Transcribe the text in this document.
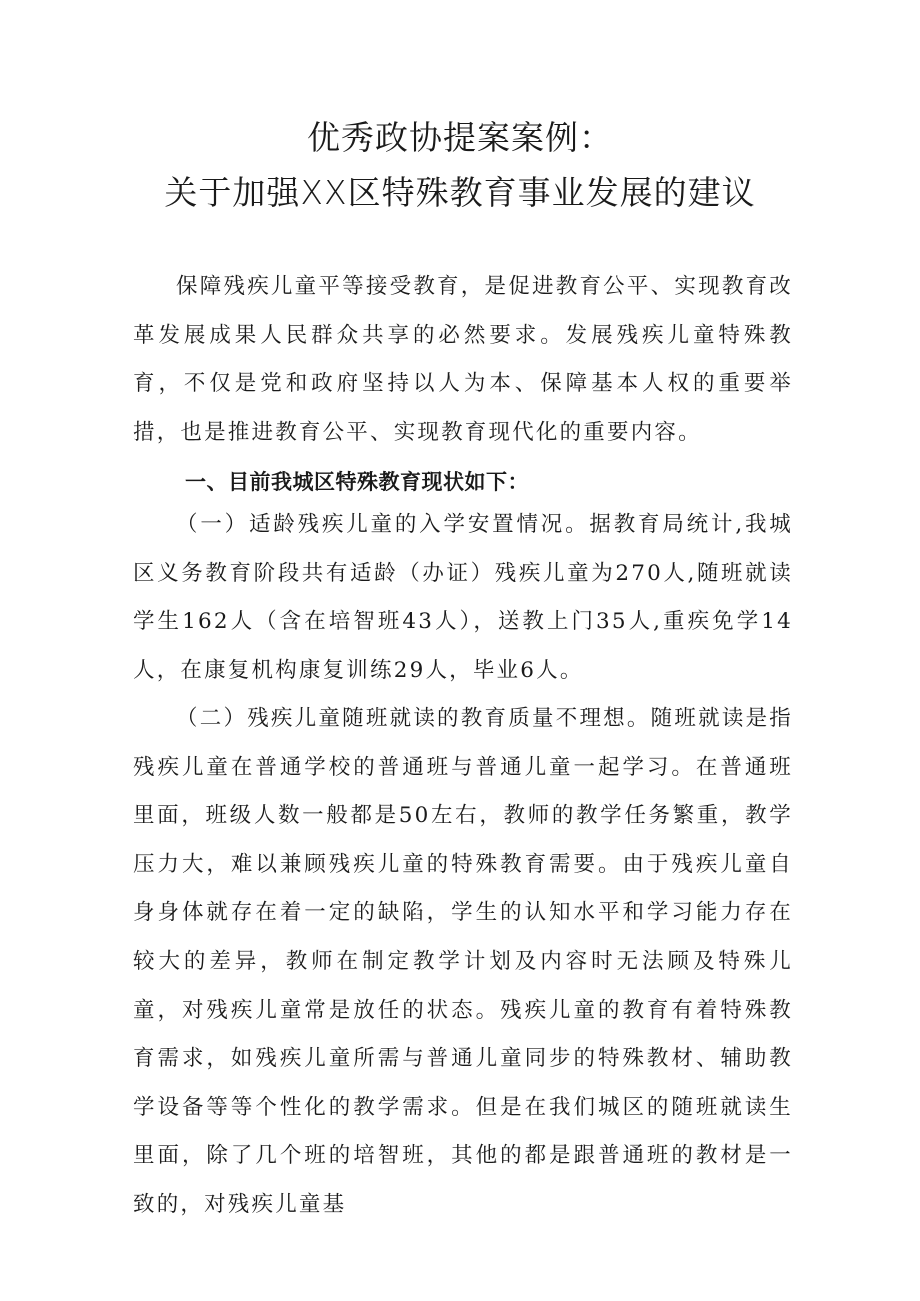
优秀政协提案案例：
关于加强XX区特殊教育事业发展的建议

保障残疾儿童平等接受教育，是促进教育公平、实现教育改革发展成果人民群众共享的必然要求。发展残疾儿童特殊教育，不仅是党和政府坚持以人为本、保障基本人权的重要举措，也是推进教育公平、实现教育现代化的重要内容。

一、目前我城区特殊教育现状如下：

（一）适龄残疾儿童的入学安置情况。据教育局统计,我城区义务教育阶段共有适龄（办证）残疾儿童为270人,随班就读学生162人（含在培智班43人），送教上门35人,重疾免学14人，在康复机构康复训练29人，毕业6人。

（二）残疾儿童随班就读的教育质量不理想。随班就读是指残疾儿童在普通学校的普通班与普通儿童一起学习。在普通班里面，班级人数一般都是50左右，教师的教学任务繁重，教学压力大，难以兼顾残疾儿童的特殊教育需要。由于残疾儿童自身身体就存在着一定的缺陷，学生的认知水平和学习能力存在较大的差异，教师在制定教学计划及内容时无法顾及特殊儿童，对残疾儿童常是放任的状态。残疾儿童的教育有着特殊教育需求，如残疾儿童所需与普通儿童同步的特殊教材、辅助教学设备等等个性化的教学需求。但是在我们城区的随班就读生里面，除了几个班的培智班，其他的都是跟普通班的教材是一致的，对残疾儿童基
